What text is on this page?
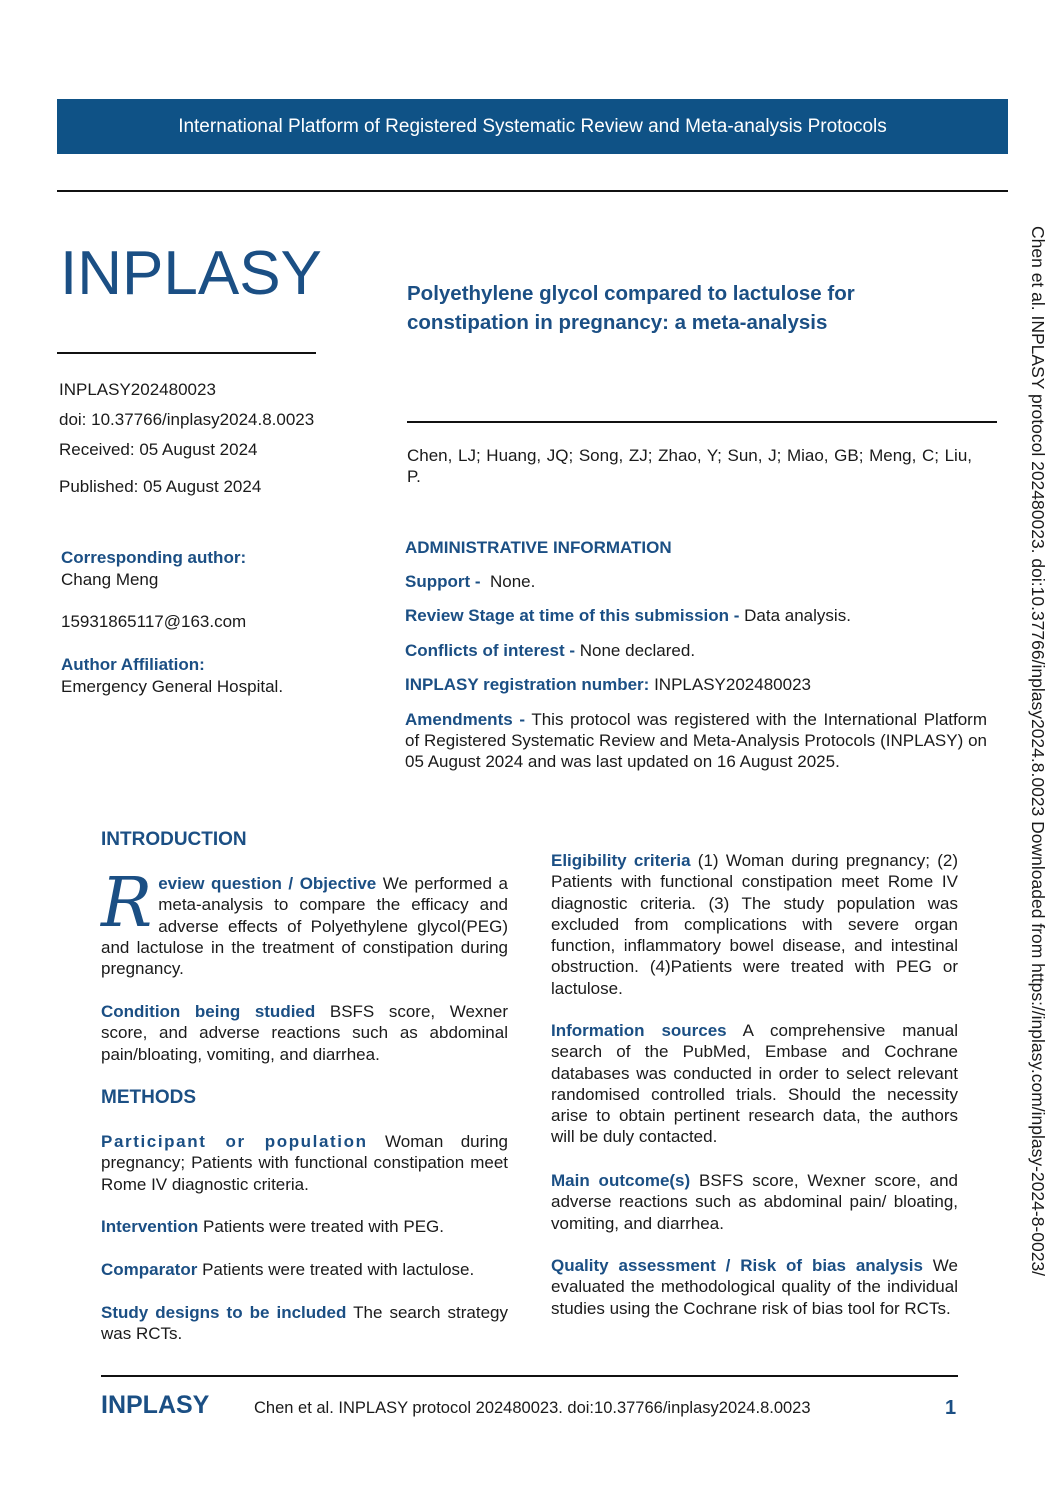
International Platform of Registered Systematic Review and Meta-analysis Protocols
INPLASY	Polyethylene glycol compared to lactulose for constipation in pregnancy: a meta-analysis
INPLASY202480023
doi: 10.37766/inplasy2024.8.0023
Received: 05 August 2024
Published: 05 August 2024
Chen, LJ; Huang, JQ; Song, ZJ; Zhao, Y; Sun, J; Miao, GB; Meng, C; Liu, P.
Corresponding author:
Chang Meng
15931865117@163.com
Author Affiliation:
Emergency General Hospital.
ADMINISTRATIVE INFORMATION
Support - None.
Review Stage at time of this submission - Data analysis.
Conflicts of interest - None declared.
INPLASY registration number: INPLASY202480023
Amendments - This protocol was registered with the International Platform of Registered Systematic Review and Meta-Analysis Protocols (INPLASY) on 05 August 2024 and was last updated on 16 August 2025.
INTRODUCTION
R eview question / Objective We performed a meta-analysis to compare the efficacy and adverse effects of Polyethylene glycol(PEG) and lactulose in the treatment of constipation during pregnancy.
Condition being studied BSFS score, Wexner score, and adverse reactions such as abdominal pain/bloating, vomiting, and diarrhea.
METHODS
Participant or population Woman during pregnancy; Patients with functional constipation meet Rome IV diagnostic criteria.
Intervention Patients were treated with PEG.
Comparator Patients were treated with lactulose.
Study designs to be included The search strategy was RCTs.
Eligibility criteria (1) Woman during pregnancy; (2) Patients with functional constipation meet Rome IV diagnostic criteria. (3) The study population was excluded from complications with severe organ function, inflammatory bowel disease, and intestinal obstruction. (4)Patients were treated with PEG or lactulose.
Information sources A comprehensive manual search of the PubMed, Embase and Cochrane databases was conducted in order to select relevant randomised controlled trials. Should the necessity arise to obtain pertinent research data, the authors will be duly contacted.
Main outcome(s) BSFS score, Wexner score, and adverse reactions such as abdominal pain/ bloating, vomiting, and diarrhea.
Quality assessment / Risk of bias analysis We evaluated the methodological quality of the individual studies using the Cochrane risk of bias tool for RCTs.
Chen et al. INPLASY protocol 202480023. doi:10.37766/inplasy2024.8.0023 Downloaded from https://inplasy.com/inplasy-2024-8-0023/
INPLASY	Chen et al. INPLASY protocol 202480023. doi:10.37766/inplasy2024.8.0023	1
